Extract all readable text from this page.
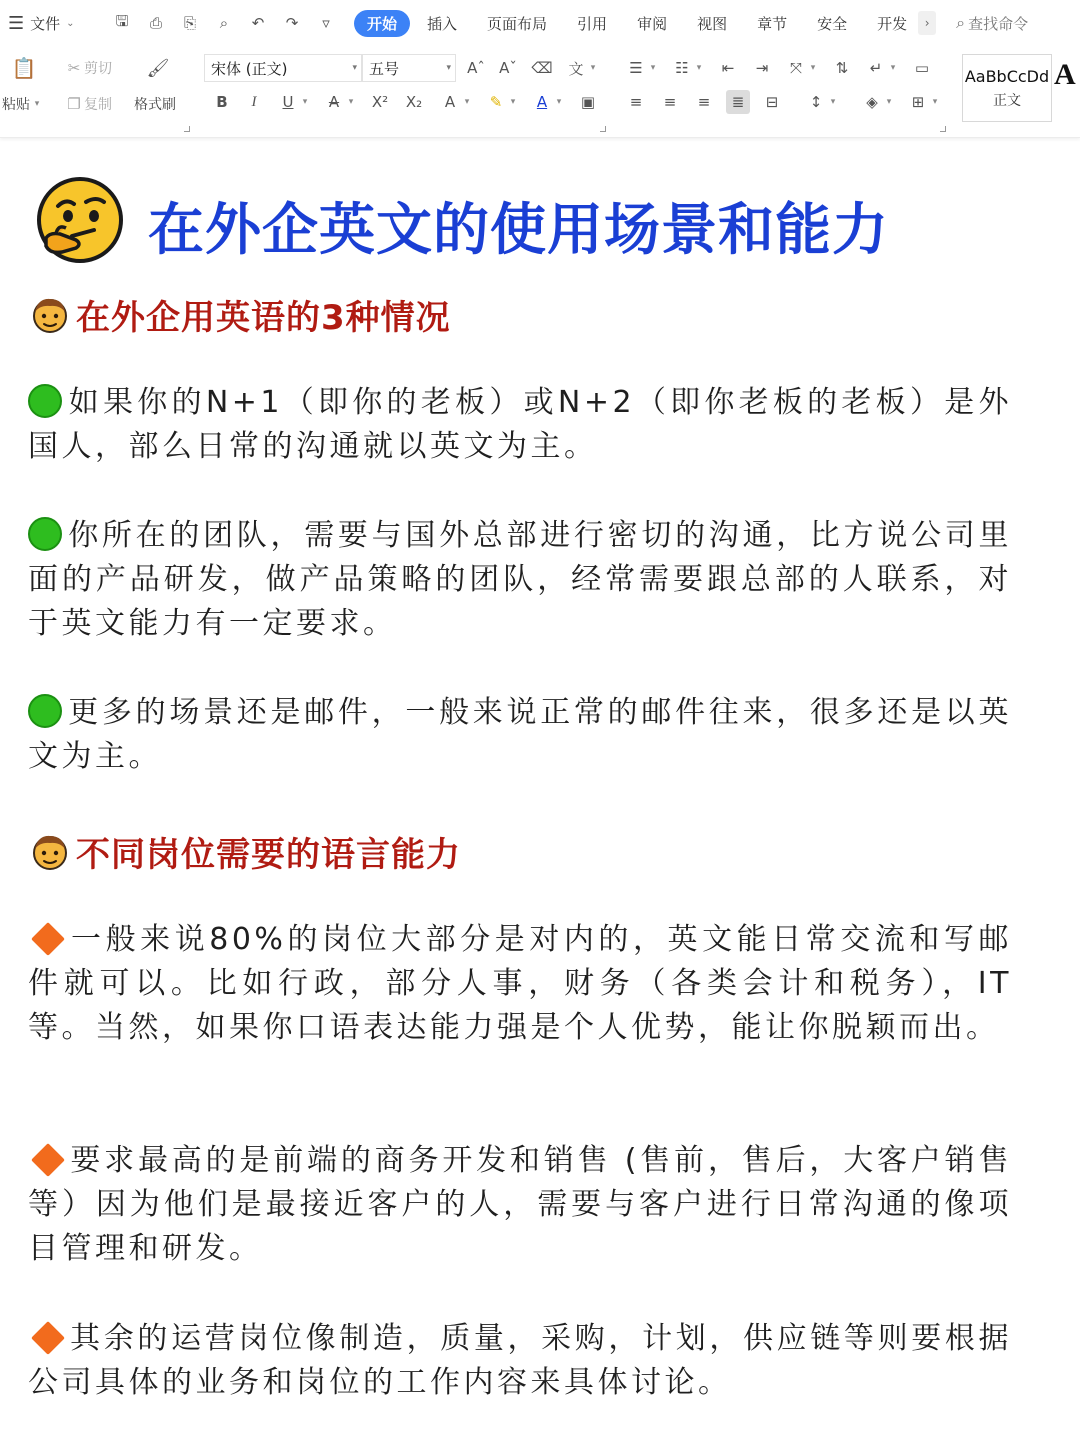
☰ 文件 ⌄	🖫 ⎙ ⎘	⌕	↶ ↷	▿	开始	插入	页面布局	引用	审阅	视图	章节	安全	开发	›	⌕ 查找命令
📋
粘贴 ▾
✂ 剪切
❐ 复制
🖌
格式刷
宋体 (正文)	▾ 五号	▾ Aˆ Aˇ ⌫ 文 ▾
B	I	U	▾	A	▾	X² X₂	A	▾	✎ ▾	A	▾	▣
☰ ▾	☷ ▾	⇤ ⇥ ⤧ ▾	⇅ ↵ ▾	▭
≡ ≡ ≡ ≣ ⊟ ↕ ▾	◈ ▾	⊞ ▾
AaBbCcDd
正文
A
在外企英文的使用场景和能力
在外企用英语的3种情况
如果你的N+1（即你的老板）或N+2（即你老板的老板）是外国人，部么日常的沟通就以英文为主。
你所在的团队，需要与国外总部进行密切的沟通，比方说公司里面的产品研发，做产品策略的团队，经常需要跟总部的人联系，对于英文能力有一定要求。
更多的场景还是邮件，一般来说正常的邮件往来，很多还是以英文为主。
不同岗位需要的语言能力
一般来说80%的岗位大部分是对内的，英文能日常交流和写邮件就可以。比如行政，部分人事，财务（各类会计和税务），IT等。当然，如果你口语表达能力强是个人优势，能让你脱颖而出。
要求最高的是前端的商务开发和销售 (售前，售后，大客户销售等）因为他们是最接近客户的人，需要与客户进行日常沟通的像项目管理和研发。
其余的运营岗位像制造，质量，采购，计划，供应链等则要根据公司具体的业务和岗位的工作内容来具体讨论。
